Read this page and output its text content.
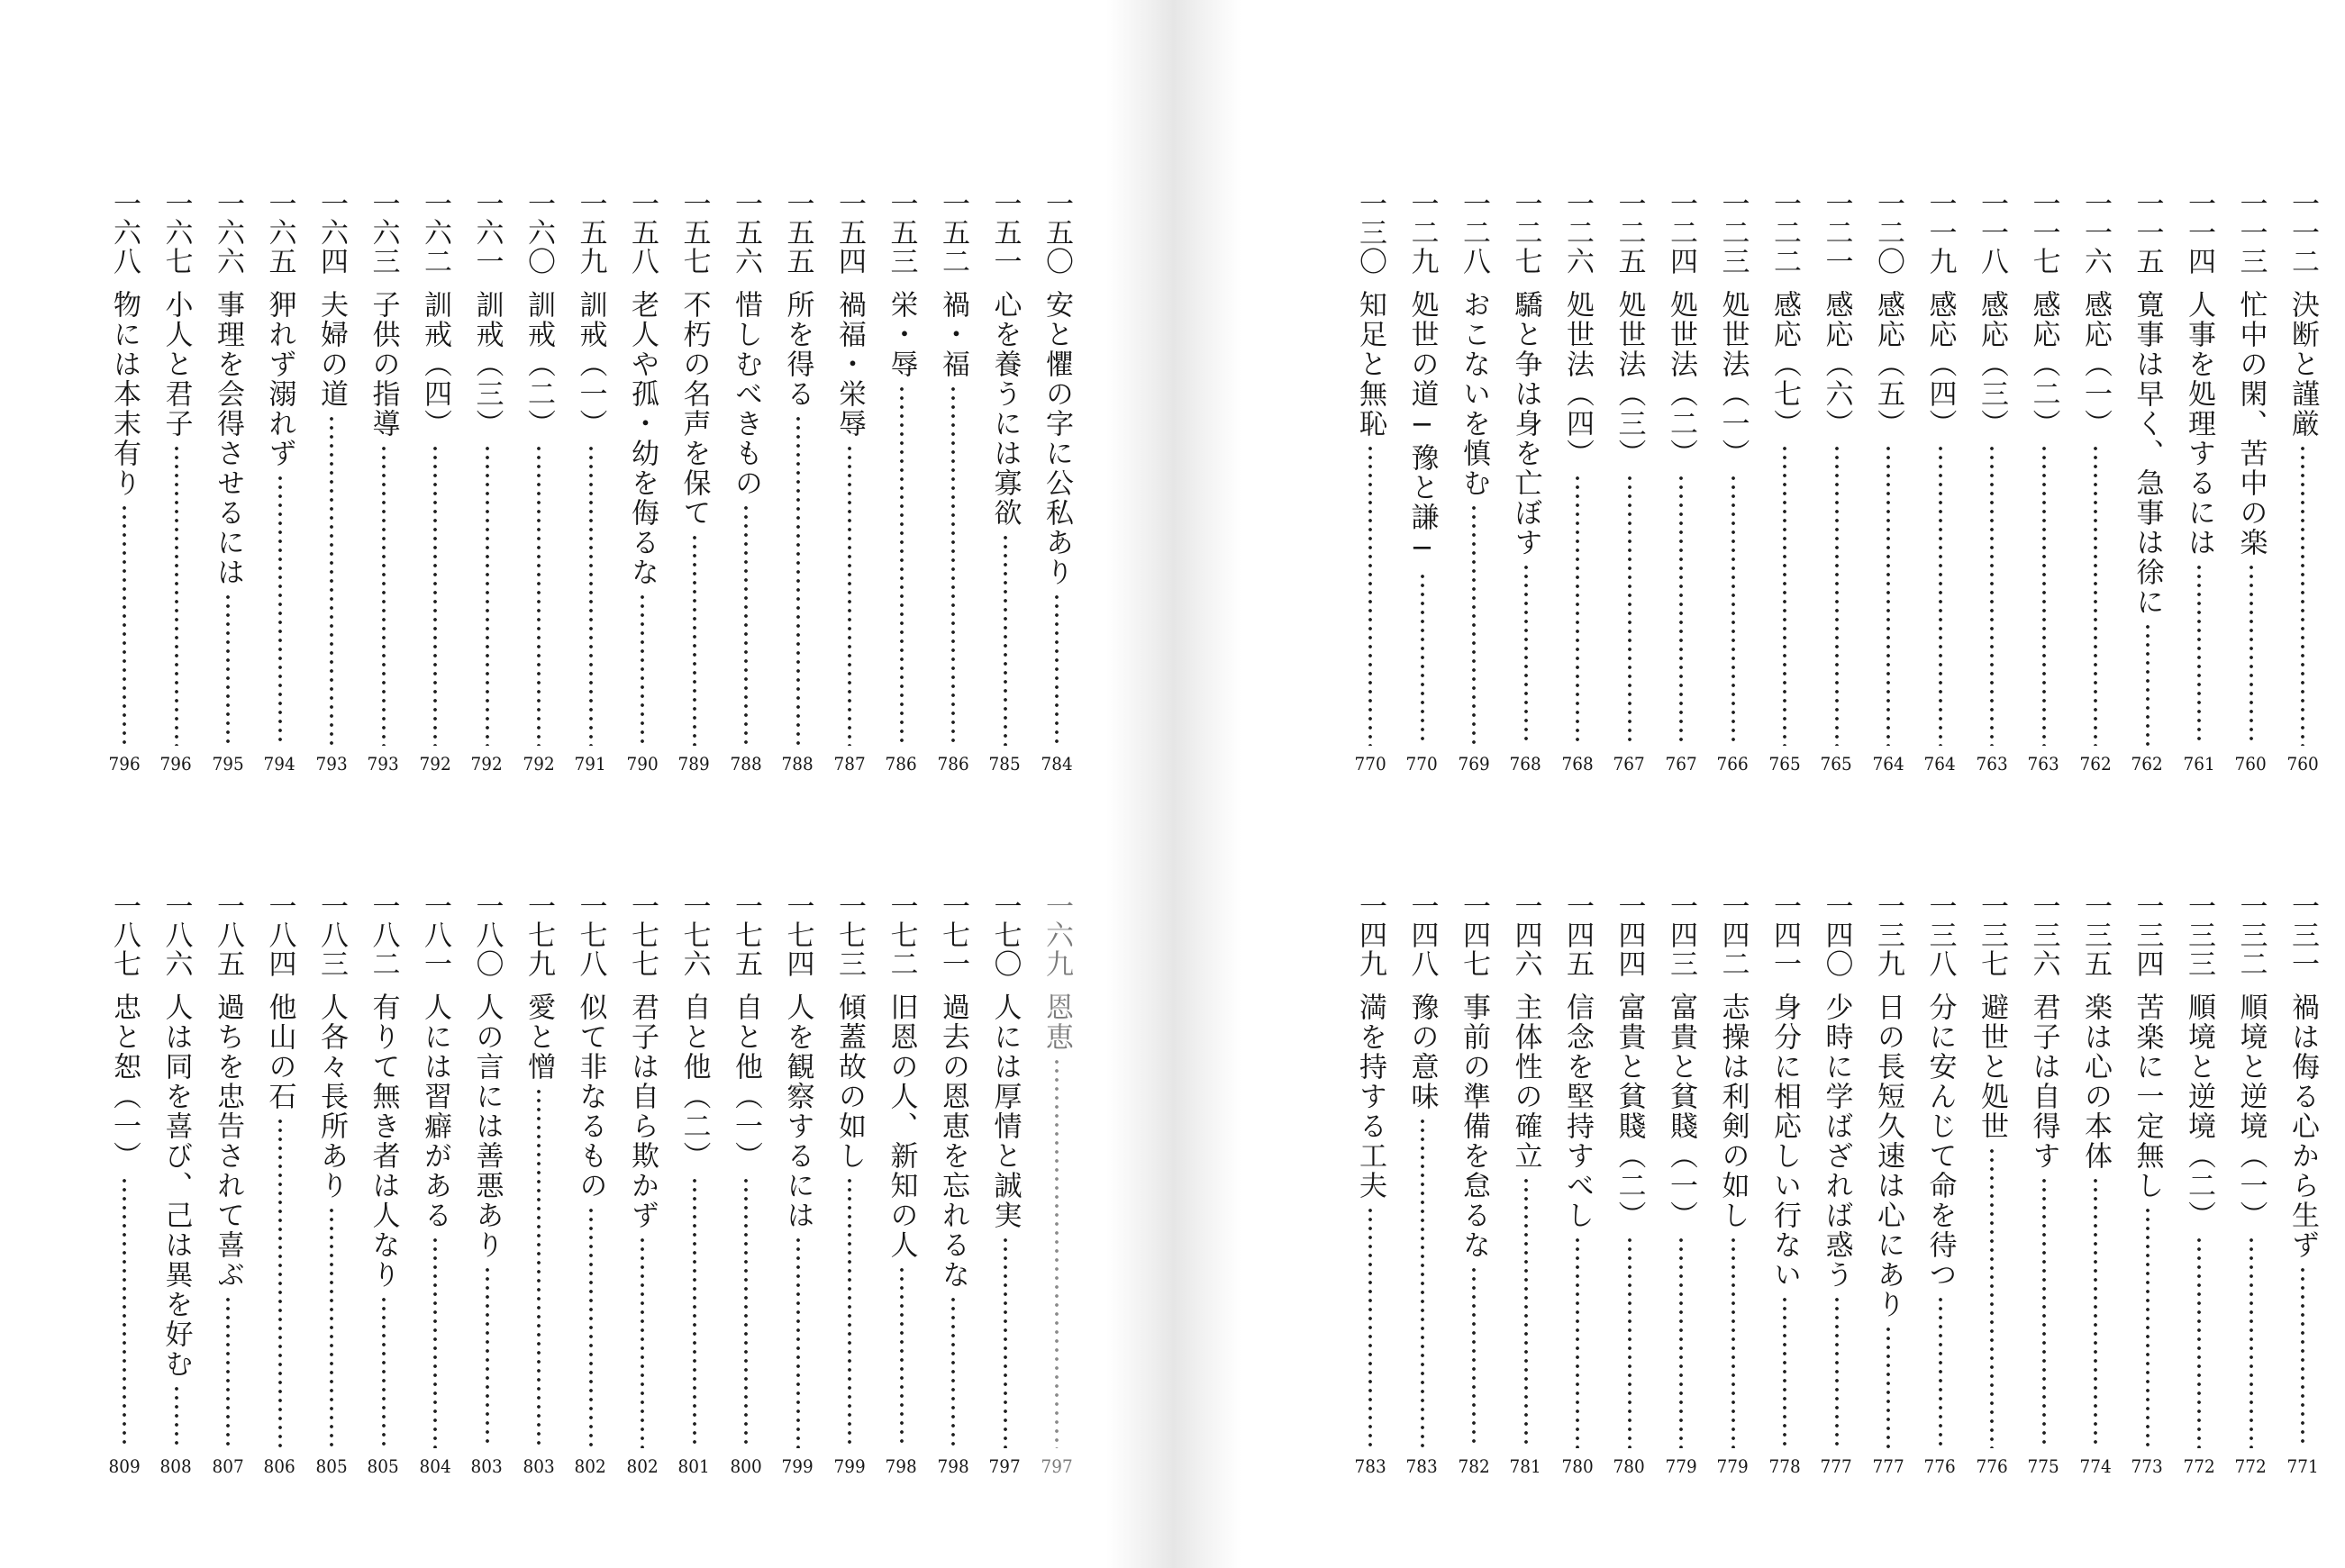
一五〇
安と懼の字に公私あり
784
一五一
心を養うには寡欲
785
一五二
禍・福
786
一五三
栄・辱
786
一五四
禍福・栄辱
787
一五五
所を得る
788
一五六
惜しむべきもの
788
一五七
不朽の名声を保て
789
一五八
老人や孤・幼を侮るな
790
一五九
訓戒（一）
791
一六〇
訓戒（二）
792
一六一
訓戒（三）
792
一六二
訓戒（四）
792
一六三
子供の指導
793
一六四
夫婦の道
793
一六五
狎れず溺れず
794
一六六
事理を会得させるには
795
一六七
小人と君子
796
一六八
物には本末有り
796
一六九
恩恵
797
一七〇
人には厚情と誠実
797
一七一
過去の恩恵を忘れるな
798
一七二
旧恩の人、新知の人
798
一七三
傾蓋故の如し
799
一七四
人を観察するには
799
一七五
自と他（一）
800
一七六
自と他（二）
801
一七七
君子は自ら欺かず
802
一七八
似て非なるもの
802
一七九
愛と憎
803
一八〇
人の言には善悪あり
803
一八一
人には習癖がある
804
一八二
有りて無き者は人なり
805
一八三
人各々長所あり
805
一八四
他山の石
806
一八五
過ちを忠告されて喜ぶ
807
一八六
人は同を喜び、己は異を好む
808
一八七
忠と恕（一）
809
一一二
決断と謹厳
760
一一三
忙中の閑、苦中の楽
760
一一四
人事を処理するには
761
一一五
寛事は早く、急事は徐に
762
一一六
感応（一）
762
一一七
感応（二）
763
一一八
感応（三）
763
一一九
感応（四）
764
一二〇
感応（五）
764
一二一
感応（六）
765
一二二
感応（七）
765
一二三
処世法（一）
766
一二四
処世法（二）
767
一二五
処世法（三）
767
一二六
処世法（四）
768
一二七
驕と争は身を亡ぼす
768
一二八
おこないを慎む
769
一二九
処世の道─豫と謙─
770
一三〇
知足と無恥
770
一三一
禍は侮る心から生ず
771
一三二
順境と逆境（一）
772
一三三
順境と逆境（二）
772
一三四
苦楽に一定無し
773
一三五
楽は心の本体
774
一三六
君子は自得す
775
一三七
避世と処世
776
一三八
分に安んじて命を待つ
776
一三九
日の長短久速は心にあり
777
一四〇
少時に学ばざれば惑う
777
一四一
身分に相応しい行ない
778
一四二
志操は利剣の如し
779
一四三
富貴と貧賤（一）
779
一四四
富貴と貧賤（二）
780
一四五
信念を堅持すべし
780
一四六
主体性の確立
781
一四七
事前の準備を怠るな
782
一四八
豫の意味
783
一四九
満を持する工夫
783
